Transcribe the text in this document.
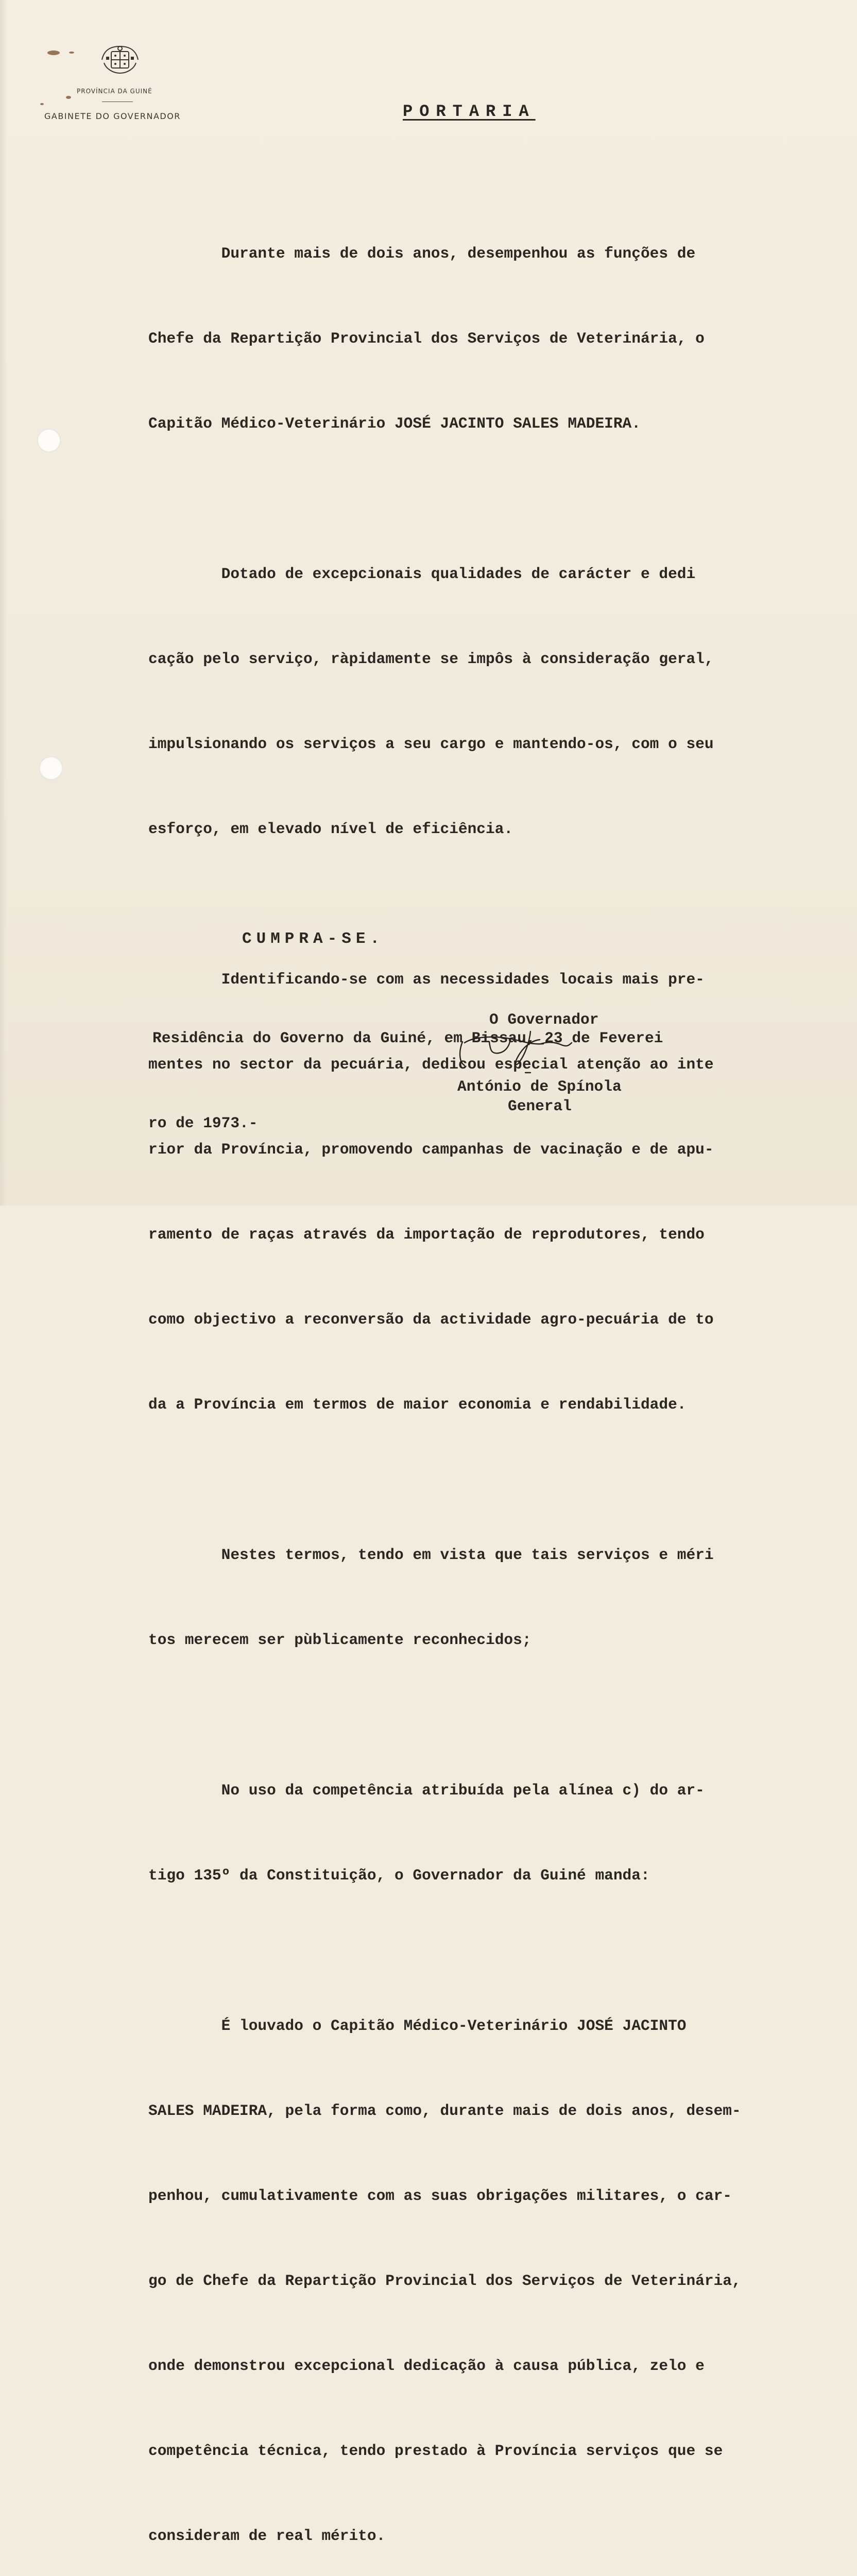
PROVÍNCIA DA GUINÉ
GABINETE DO GOVERNADOR	PORTARIA

Durante mais de dois anos, desempenhou as funções de

Chefe da Repartição Provincial dos Serviços de Veterinária, o

Capitão Médico-Veterinário JOSÉ JACINTO SALES MADEIRA.

Dotado de excepcionais qualidades de carácter e dedi

cação pelo serviço, ràpidamente se impôs à consideração geral,

impulsionando os serviços a seu cargo e mantendo-os, com o seu

esforço, em elevado nível de eficiência.

Identificando-se com as necessidades locais mais pre-

mentes no sector da pecuária, dedicou especial atenção ao inte

rior da Província, promovendo campanhas de vacinação e de apu-

ramento de raças através da importação de reprodutores, tendo

como objectivo a reconversão da actividade agro-pecuária de to

da a Província em termos de maior economia e rendabilidade.

Nestes termos, tendo em vista que tais serviços e méri

tos merecem ser pùblicamente reconhecidos;

No uso da competência atribuída pela alínea c) do ar-

tigo 135º da Constituição, o Governador da Guiné manda:

É louvado o Capitão Médico-Veterinário JOSÉ JACINTO

SALES MADEIRA, pela forma como, durante mais de dois anos, desem-

penhou, cumulativamente com as suas obrigações militares, o car-

go de Chefe da Repartição Provincial dos Serviços de Veterinária,

onde demonstrou excepcional dedicação à causa pública, zelo e

competência técnica, tendo prestado à Província serviços que se

consideram de real mérito.

CUMPRA-SE.

Residência do Governo da Guiné, em Bissau, 23 de Feverei

ro de 1973.-

O Governador

António de Spínola

General
